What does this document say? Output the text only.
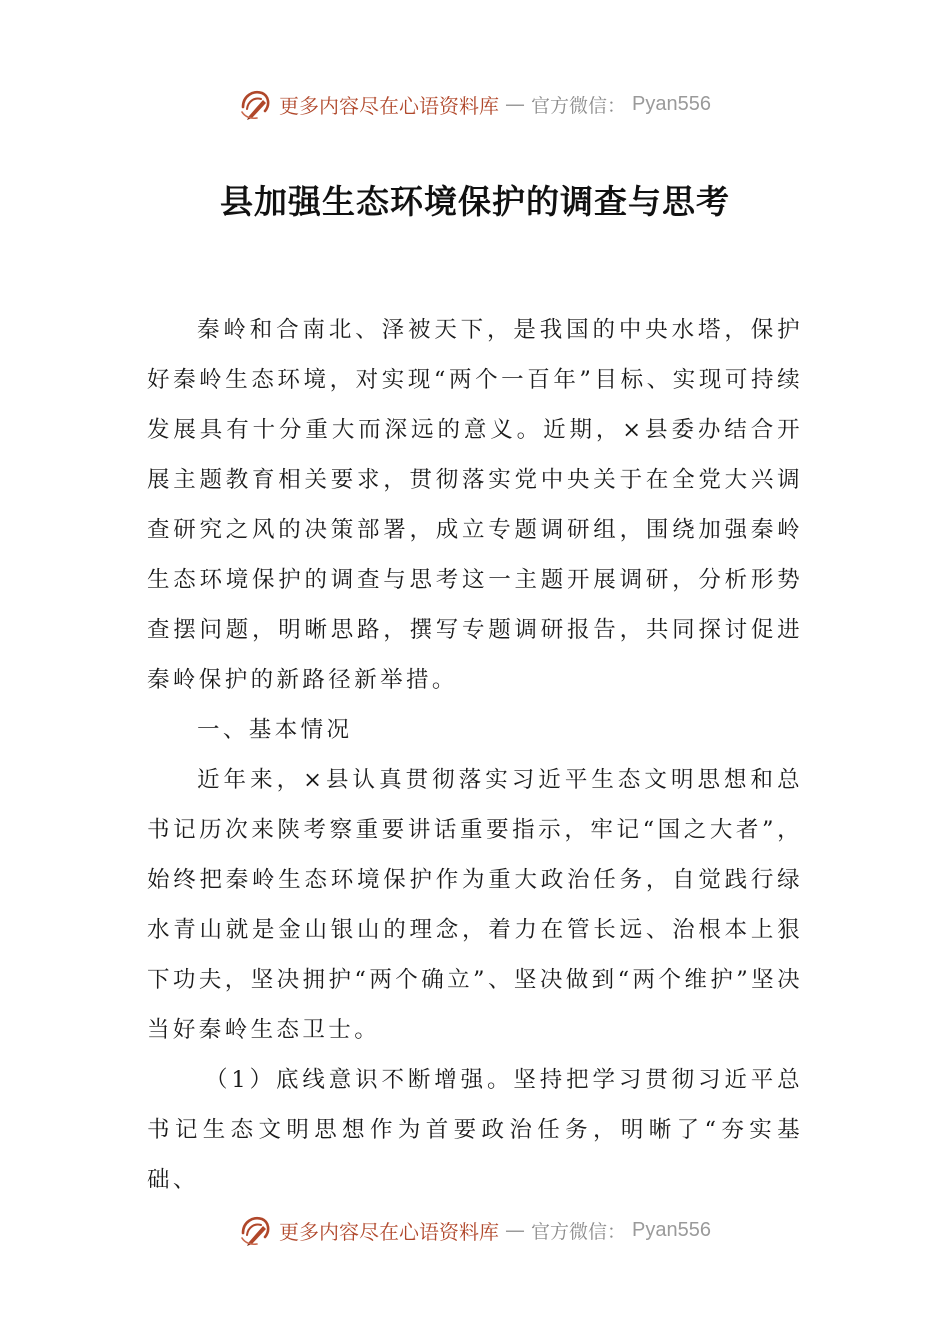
更多内容尽在心语资料库 — 官方微信： Pyan556
县加强生态环境保护的调查与思考

秦岭和合南北、泽被天下，是我国的中央水塔，保护好秦岭生态环境，对实现“两个一百年”目标、实现可持续发展具有十分重大而深远的意义。近期，×县委办结合开展主题教育相关要求，贯彻落实党中央关于在全党大兴调查研究之风的决策部署，成立专题调研组，围绕加强秦岭生态环境保护的调查与思考这一主题开展调研，分析形势查摆问题，明晰思路，撰写专题调研报告，共同探讨促进秦岭保护的新路径新举措。

一、基本情况

近年来，×县认真贯彻落实习近平生态文明思想和总书记历次来陕考察重要讲话重要指示，牢记“国之大者”，始终把秦岭生态环境保护作为重大政治任务，自觉践行绿水青山就是金山银山的理念，着力在管长远、治根本上狠下功夫，坚决拥护“两个确立”、坚决做到“两个维护”坚决当好秦岭生态卫士。

（1）底线意识不断增强。坚持把学习贯彻习近平总书记生态文明思想作为首要政治任务，明晰了“夯实基础、

更多内容尽在心语资料库 — 官方微信： Pyan556
